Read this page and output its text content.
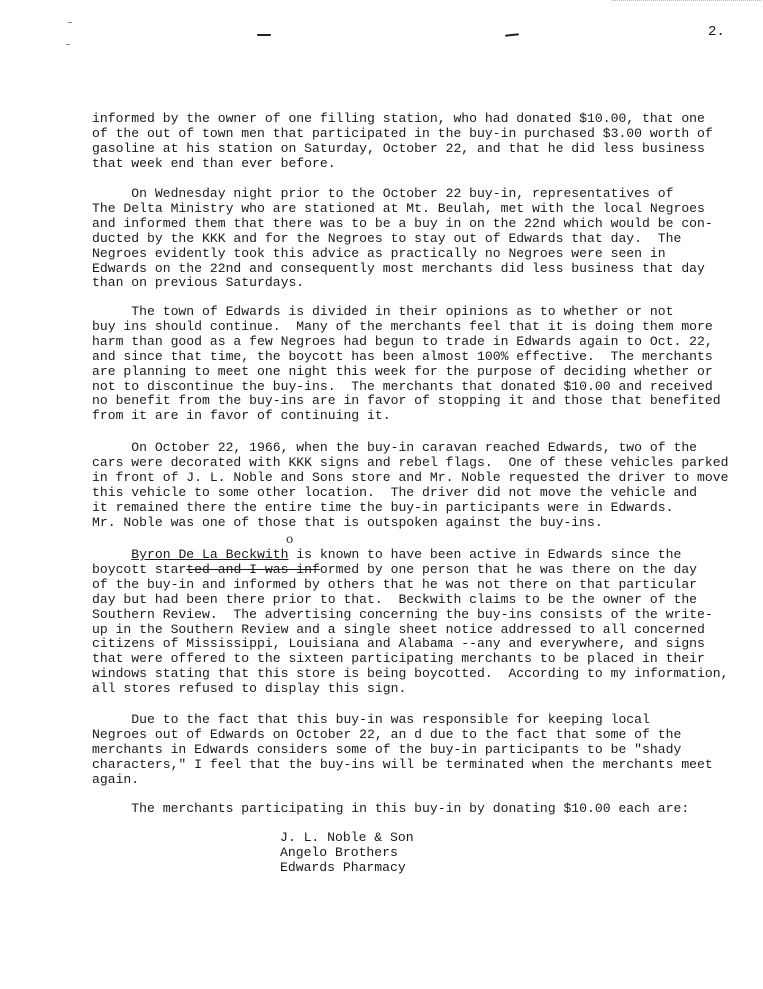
2.

informed by the owner of one filling station, who had donated $10.00, that one
of the out of town men that participated in the buy-in purchased $3.00 worth of
gasoline at his station on Saturday, October 22, and that he did less business
that week end than ever before.

On Wednesday night prior to the October 22 buy-in, representatives of
The Delta Ministry who are stationed at Mt. Beulah, met with the local Negroes
and informed them that there was to be a buy in on the 22nd which would be con-
ducted by the KKK and for the Negroes to stay out of Edwards that day.  The
Negroes evidently took this advice as practically no Negroes were seen in
Edwards on the 22nd and consequently most merchants did less business that day
than on previous Saturdays.

The town of Edwards is divided in their opinions as to whether or not
buy ins should continue.  Many of the merchants feel that it is doing them more
harm than good as a few Negroes had begun to trade in Edwards again to Oct. 22,
and since that time, the boycott has been almost 100% effective.  The merchants
are planning to meet one night this week for the purpose of deciding whether or
not to discontinue the buy-ins.  The merchants that donated $10.00 and received
no benefit from the buy-ins are in favor of stopping it and those that benefited
from it are in favor of continuing it.

On October 22, 1966, when the buy-in caravan reached Edwards, two of the
cars were decorated with KKK signs and rebel flags.  One of these vehicles parked
in front of J. L. Noble and Sons store and Mr. Noble requested the driver to move
this vehicle to some other location.  The driver did not move the vehicle and
it remained there the entire time the buy-in participants were in Edwards.
Mr. Noble was one of those that is outspoken against the buy-ins.

o

Byron De La Beckwith is known to have been active in Edwards since the
boycott started and I was informed by one person that he was there on the day
of the buy-in and informed by others that he was not there on that particular
day but had been there prior to that.  Beckwith claims to be the owner of the
Southern Review.  The advertising concerning the buy-ins consists of the write-
up in the Southern Review and a single sheet notice addressed to all concerned
citizens of Mississippi, Louisiana and Alabama --any and everywhere, and signs
that were offered to the sixteen participating merchants to be placed in their
windows stating that this store is being boycotted.  According to my information,
all stores refused to display this sign.

Due to the fact that this buy-in was responsible for keeping local
Negroes out of Edwards on October 22, an d due to the fact that some of the
merchants in Edwards considers some of the buy-in participants to be "shady
characters," I feel that the buy-ins will be terminated when the merchants meet
again.

The merchants participating in this buy-in by donating $10.00 each are:

J. L. Noble & Son
Angelo Brothers
Edwards Pharmacy
